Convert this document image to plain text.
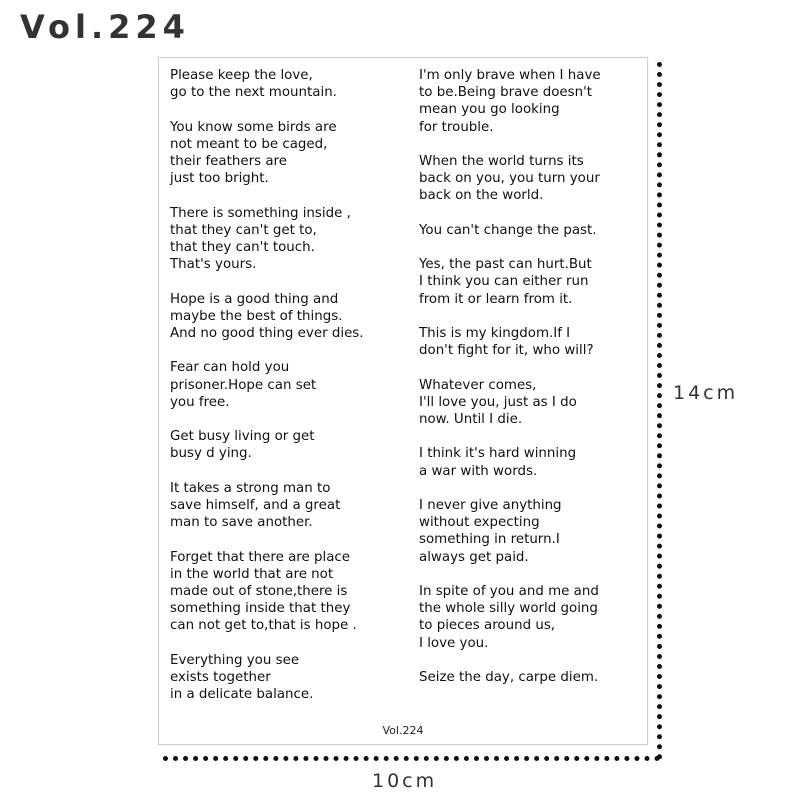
Vol.224
Please keep the love,
go to the next mountain.
You know some birds are
not meant to be caged,
their feathers are
just too bright.
There is something inside ,
that they can't get to,
that they can't touch.
That's yours.
Hope is a good thing and
maybe the best of things.
And no good thing ever dies.
Fear can hold you
prisoner.Hope can set
you free.
Get busy living or get
busy d ying.
It takes a strong man to
save himself, and a great
man to save another.
Forget that there are place
in the world that are not
made out of stone,there is
something inside that they
can not get to,that is hope .
Everything you see
exists together
in a delicate balance.
I'm only brave when I have
to be.Being brave doesn't
mean you go looking
for trouble.
When the world turns its
back on you, you turn your
back on the world.
You can't change the past.
Yes, the past can hurt.But
I think you can either run
from it or learn from it.
This is my kingdom.If I
don't fight for it, who will?
Whatever comes,
I'll love you, just as I do
now. Until I die.
I think it's hard winning
a war with words.
I never give anything
without expecting
something in return.I
always get paid.
In spite of you and me and
the whole silly world going
to pieces around us,
I love you.
Seize the day, carpe diem.
Vol.224
14cm
10cm
